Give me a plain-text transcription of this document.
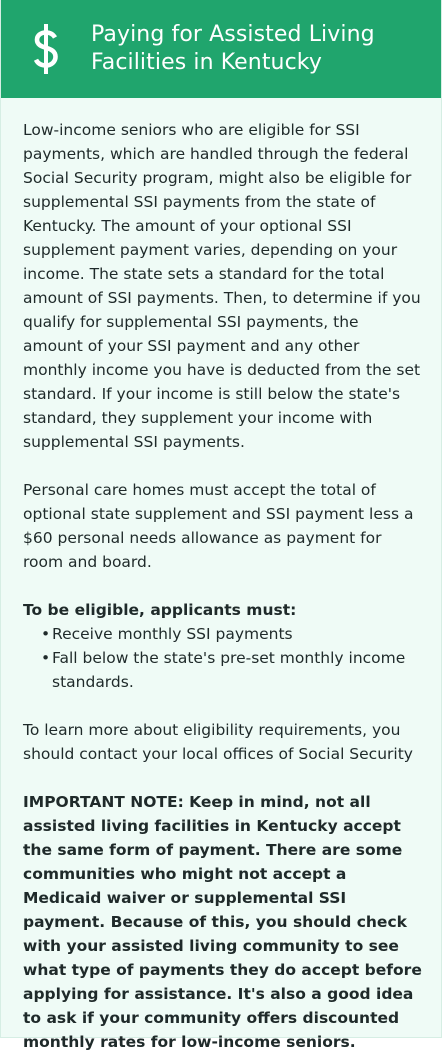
Paying for Assisted Living Facilities in Kentucky

Low-income seniors who are eligible for SSI payments, which are handled through the federal Social Security program, might also be eligible for supplemental SSI payments from the state of Kentucky. The amount of your optional SSI supplement payment varies, depending on your income. The state sets a standard for the total amount of SSI payments. Then, to determine if you qualify for supplemental SSI payments, the amount of your SSI payment and any other monthly income you have is deducted from the set standard. If your income is still below the state's standard, they supplement your income with supplemental SSI payments.

Personal care homes must accept the total of optional state supplement and SSI payment less a $60 personal needs allowance as payment for room and board.

To be eligible, applicants must:

• Receive monthly SSI payments
• Fall below the state's pre-set monthly income standards.

To learn more about eligibility requirements, you should contact your local offices of Social Security

IMPORTANT NOTE: Keep in mind, not all assisted living facilities in Kentucky accept the same form of payment. There are some communities who might not accept a Medicaid waiver or supplemental SSI payment. Because of this, you should check with your assisted living community to see what type of payments they do accept before applying for assistance. It's also a good idea to ask if your community offers discounted monthly rates for low-income seniors.
